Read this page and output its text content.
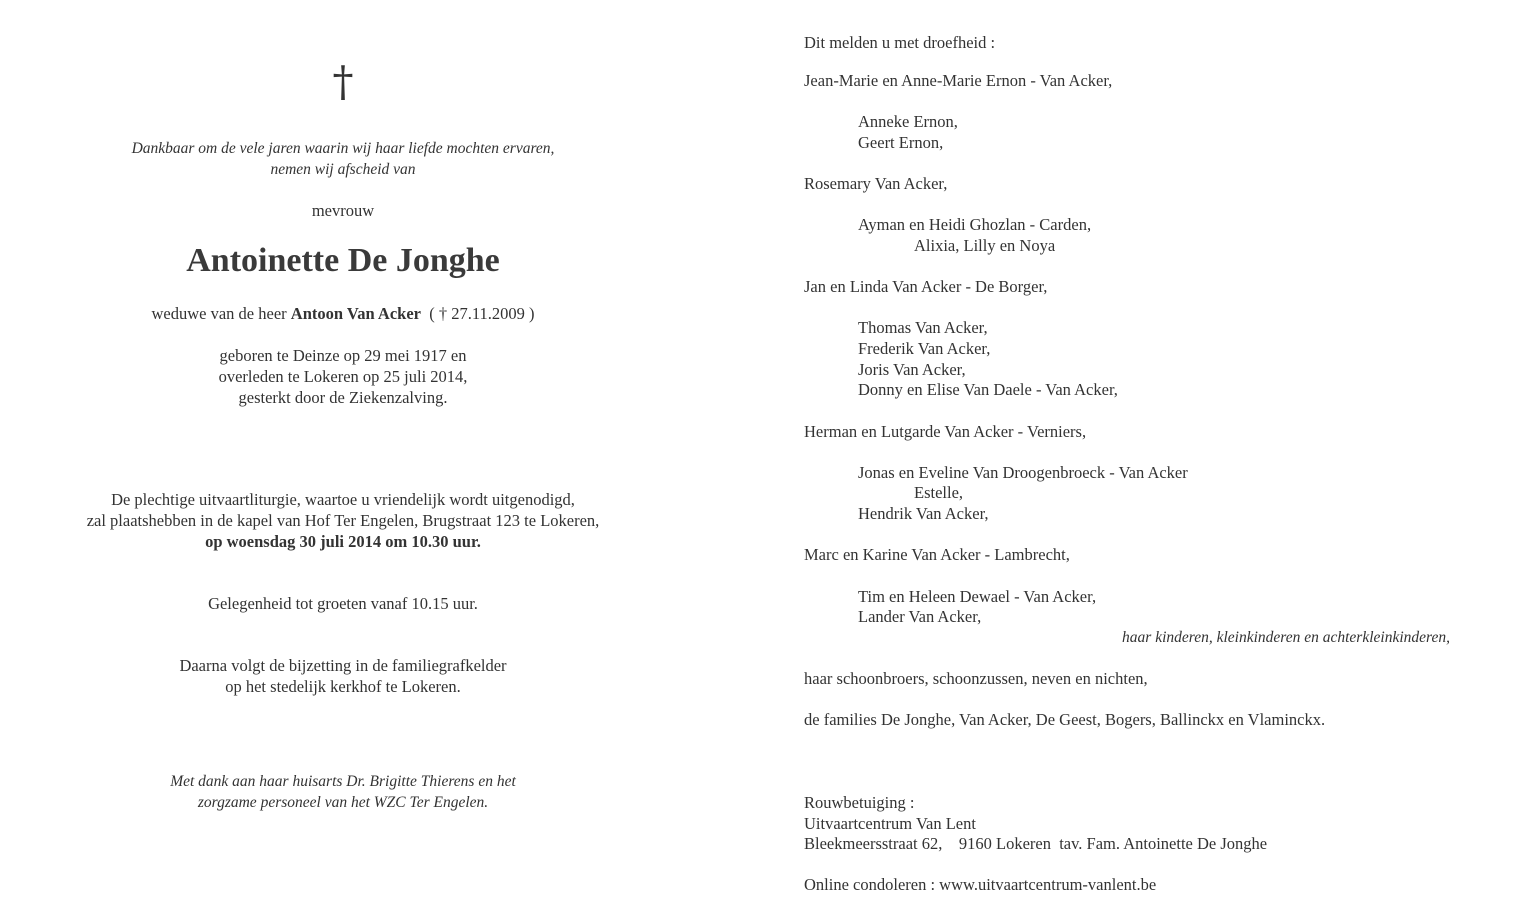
†
Dankbaar om de vele jaren waarin wij haar liefde mochten ervaren,
nemen wij afscheid van
mevrouw
Antoinette De Jonghe
weduwe van de heer Antoon Van Acker ( † 27.11.2009 )
geboren te Deinze op 29 mei 1917 en
overleden te Lokeren op 25 juli 2014,
gesterkt door de Ziekenzalving.
De plechtige uitvaartliturgie, waartoe u vriendelijk wordt uitgenodigd,
zal plaatshebben in de kapel van Hof Ter Engelen, Brugstraat 123 te Lokeren,
op woensdag 30 juli 2014 om 10.30 uur.
Gelegenheid tot groeten vanaf 10.15 uur.
Daarna volgt de bijzetting in de familiegrafkelder
op het stedelijk kerkhof te Lokeren.
Met dank aan haar huisarts Dr. Brigitte Thierens en het
zorgzame personeel van het WZC Ter Engelen.
Dit melden u met droefheid :
Jean-Marie en Anne-Marie Ernon - Van Acker,
Anneke Ernon,
Geert Ernon,
Rosemary Van Acker,
Ayman en Heidi Ghozlan - Carden,
Alixia, Lilly en Noya
Jan en Linda Van Acker - De Borger,
Thomas Van Acker,
Frederik Van Acker,
Joris Van Acker,
Donny en Elise Van Daele - Van Acker,
Herman en Lutgarde Van Acker - Verniers,
Jonas en Eveline Van Droogenbroeck - Van Acker
Estelle,
Hendrik Van Acker,
Marc en Karine Van Acker - Lambrecht,
Tim en Heleen Dewael - Van Acker,
Lander Van Acker,
haar kinderen, kleinkinderen en achterkleinkinderen,
haar schoonbroers, schoonzussen, neven en nichten,
de families De Jonghe, Van Acker, De Geest, Bogers, Ballinckx en Vlaminckx.
Rouwbetuiging :
Uitvaartcentrum Van Lent
Bleekmeersstraat 62,    9160 Lokeren  tav. Fam. Antoinette De Jonghe
Online condoleren : www.uitvaartcentrum-vanlent.be
